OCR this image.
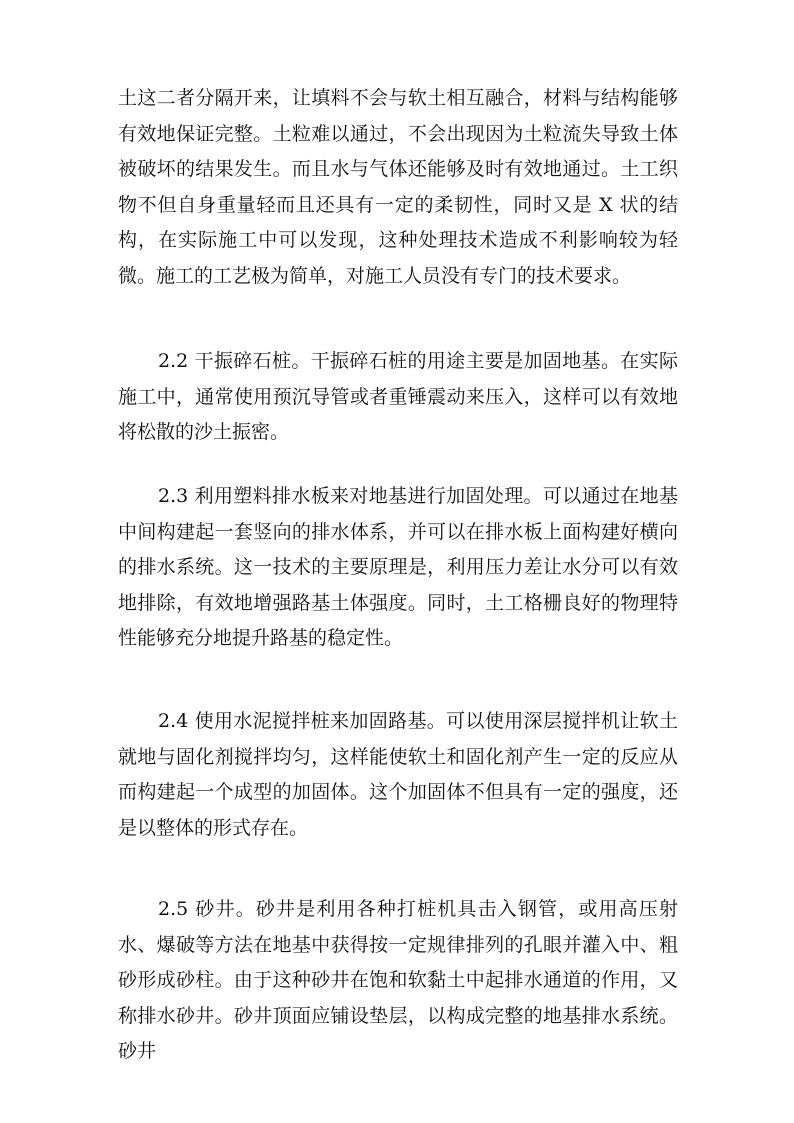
土这二者分隔开来，让填料不会与软土相互融合，材料与结构能够有效地保证完整。土粒难以通过，不会出现因为土粒流失导致土体被破坏的结果发生。而且水与气体还能够及时有效地通过。土工织物不但自身重量轻而且还具有一定的柔韧性，同时又是 X 状的结构，在实际施工中可以发现，这种处理技术造成不利影响较为轻微。施工的工艺极为简单，对施工人员没有专门的技术要求。

2.2 干振碎石桩。干振碎石桩的用途主要是加固地基。在实际施工中，通常使用预沉导管或者重锤震动来压入，这样可以有效地将松散的沙土振密。

2.3 利用塑料排水板来对地基进行加固处理。可以通过在地基中间构建起一套竖向的排水体系，并可以在排水板上面构建好横向的排水系统。这一技术的主要原理是，利用压力差让水分可以有效地排除，有效地增强路基土体强度。同时，土工格栅良好的物理特性能够充分地提升路基的稳定性。

2.4 使用水泥搅拌桩来加固路基。可以使用深层搅拌机让软土就地与固化剂搅拌均匀，这样能使软土和固化剂产生一定的反应从而构建起一个成型的加固体。这个加固体不但具有一定的强度，还是以整体的形式存在。

2.5 砂井。砂井是利用各种打桩机具击入钢管，或用高压射水、爆破等方法在地基中获得按一定规律排列的孔眼并灌入中、粗砂形成砂柱。由于这种砂井在饱和软黏土中起排水通道的作用，又称排水砂井。砂井顶面应铺设垫层，以构成完整的地基排水系统。砂井
